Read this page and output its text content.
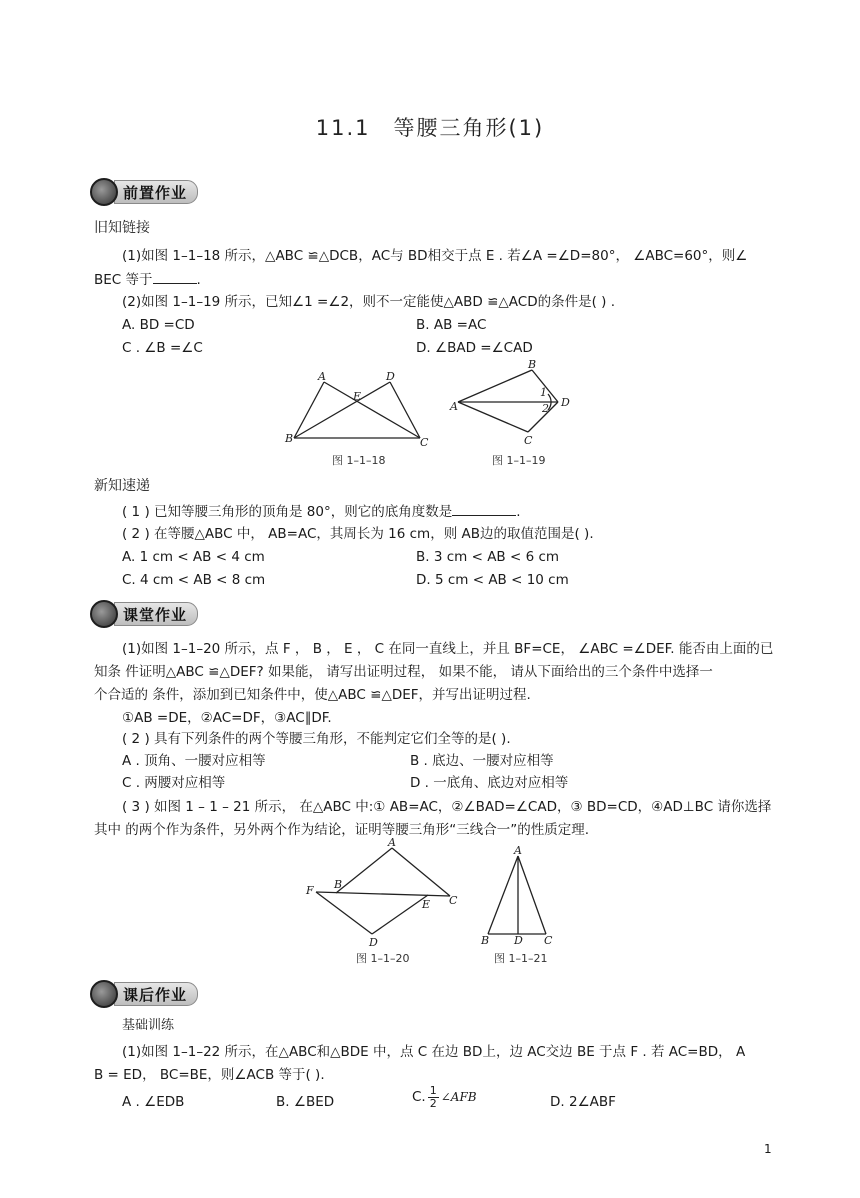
11.1　等腰三角形(1)
前置作业
旧知链接
(1)如图 1–1–18 所示，△ABC ≌△DCB，AC与 BD相交于点 E . 若∠A =∠D=80°， ∠ABC=60°，则∠
BEC 等于	.
(2)如图 1–1–19 所示，已知∠1 =∠2，则不一定能使△ABD ≌△ACD的条件是( ) .
A. BD =CD	B. AB =AC
C . ∠B =∠C	D. ∠BAD =∠CAD
A	D
E
B	C
图 1–1–18
B
A
1
2 D
C
图 1–1–19
新知速递
( 1 ) 已知等腰三角形的顶角是 80°，则它的底角度数是	.
( 2 ) 在等腰△ABC 中， AB=AC，其周长为 16 cm，则 AB边的取值范围是( ).
A. 1 cm < AB < 4 cm	B. 3 cm < AB < 6 cm
C. 4 cm < AB < 8 cm	D. 5 cm < AB < 10 cm
课堂作业
(1)如图 1–1–20 所示，点 F ， B ， E ， C 在同一直线上，并且 BF=CE， ∠ABC =∠DEF. 能否由上面的已
知条 件证明△ABC ≌△DEF? 如果能， 请写出证明过程， 如果不能， 请从下面给出的三个条件中选择一
个合适的 条件，添加到已知条件中，使△ABC ≌△DEF，并写出证明过程.
①AB =DE，②AC=DF，③AC∥DF.
( 2 ) 具有下列条件的两个等腰三角形，不能判定它们全等的是( ).
A . 顶角、一腰对应相等	B . 底边、一腰对应相等
C . 两腰对应相等	D . 一底角、底边对应相等
( 3 ) 如图 1 – 1 – 21 所示， 在△ABC 中:① AB=AC，②∠BAD=∠CAD，③ BD=CD，④AD⊥BC 请你选择
其中 的两个作为条件，另外两个作为结论，证明等腰三角形“三线合一”的性质定理.
A
F B
E C
D
图 1–1–20
A
B D C
图 1–1–21
课后作业
基础训练
(1)如图 1–1–22 所示，在△ABC和△BDE 中，点 C 在边 BD上，边 AC交边 BE 于点 F . 若 AC=BD， A
B = ED， BC=BE，则∠ACB 等于( ).
A . ∠EDB	B. ∠BED	C. $\frac{1}{2}$ ∠AFB	D. 2∠ABF
1
